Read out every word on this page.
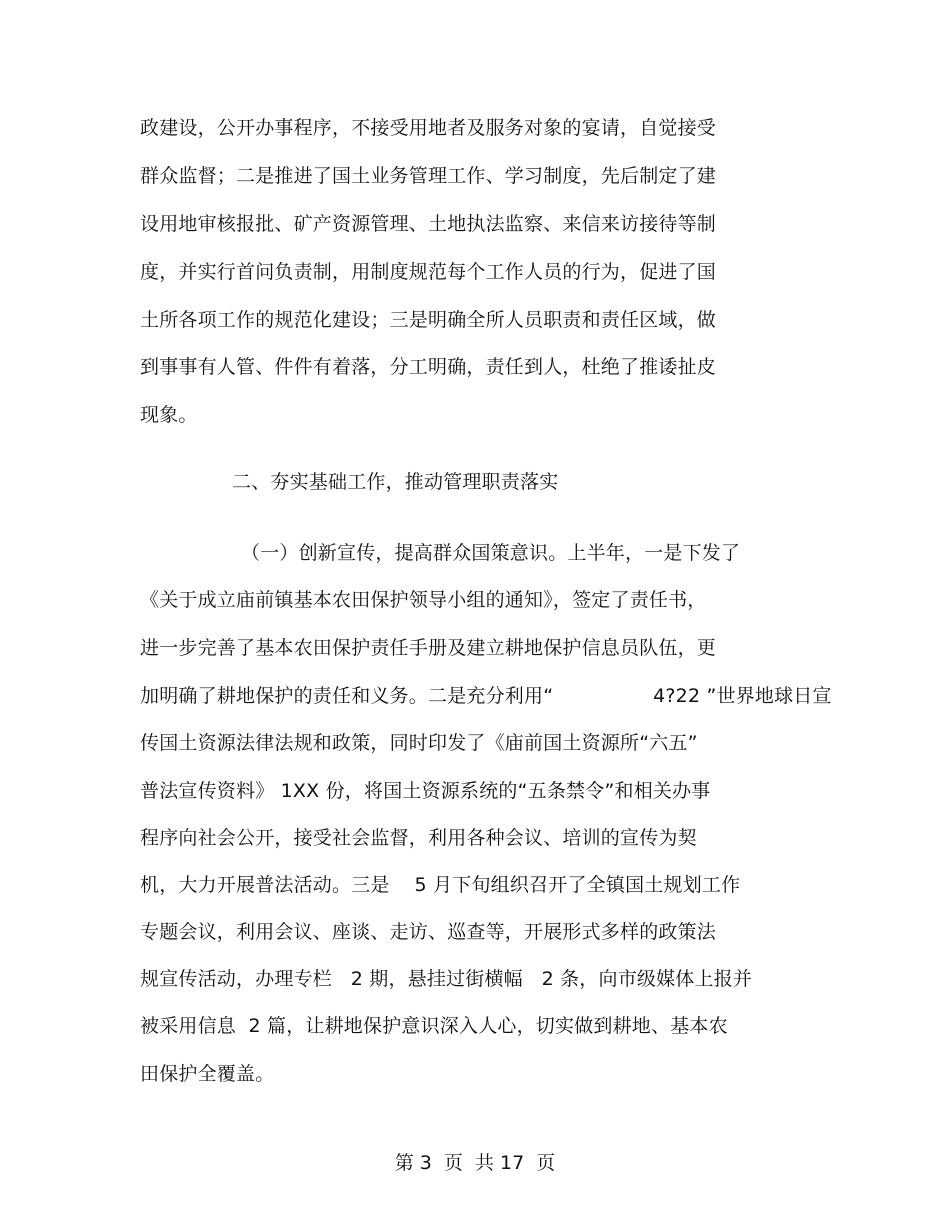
政建设，公开办事程序，不接受用地者及服务对象的宴请，自觉接受
群众监督；二是推进了国土业务管理工作、学习制度，先后制定了建
设用地审核报批、矿产资源管理、土地执法监察、来信来访接待等制
度，并实行首问负责制，用制度规范每个工作人员的行为，促进了国
土所各项工作的规范化建设；三是明确全所人员职责和责任区域，做
到事事有人管、件件有着落，分工明确，责任到人，杜绝了推诿扯皮
现象。
二、夯实基础工作，推动管理职责落实
（一）创新宣传，提高群众国策意识。上半年，一是下发了
《关于成立庙前镇基本农田保护领导小组的通知》，签定了责任书，
进一步完善了基本农田保护责任手册及建立耕地保护信息员队伍，更
加明确了耕地保护的责任和义务。二是充分利用“                4?22 ”世界地球日宣
传国土资源法律法规和政策，同时印发了《庙前国土资源所“六五”
普法宣传资料》 1XX 份，将国土资源系统的“五条禁令”和相关办事
程序向社会公开，接受社会监督，利用各种会议、培训的宣传为契
机，大力开展普法活动。三是    5 月下旬组织召开了全镇国土规划工作
专题会议，利用会议、座谈、走访、巡查等，开展形式多样的政策法
规宣传活动，办理专栏   2 期，悬挂过街横幅   2 条，向市级媒体上报并
被采用信息  2 篇，让耕地保护意识深入人心，切实做到耕地、基本农
田保护全覆盖。
第 3  页  共 17  页
